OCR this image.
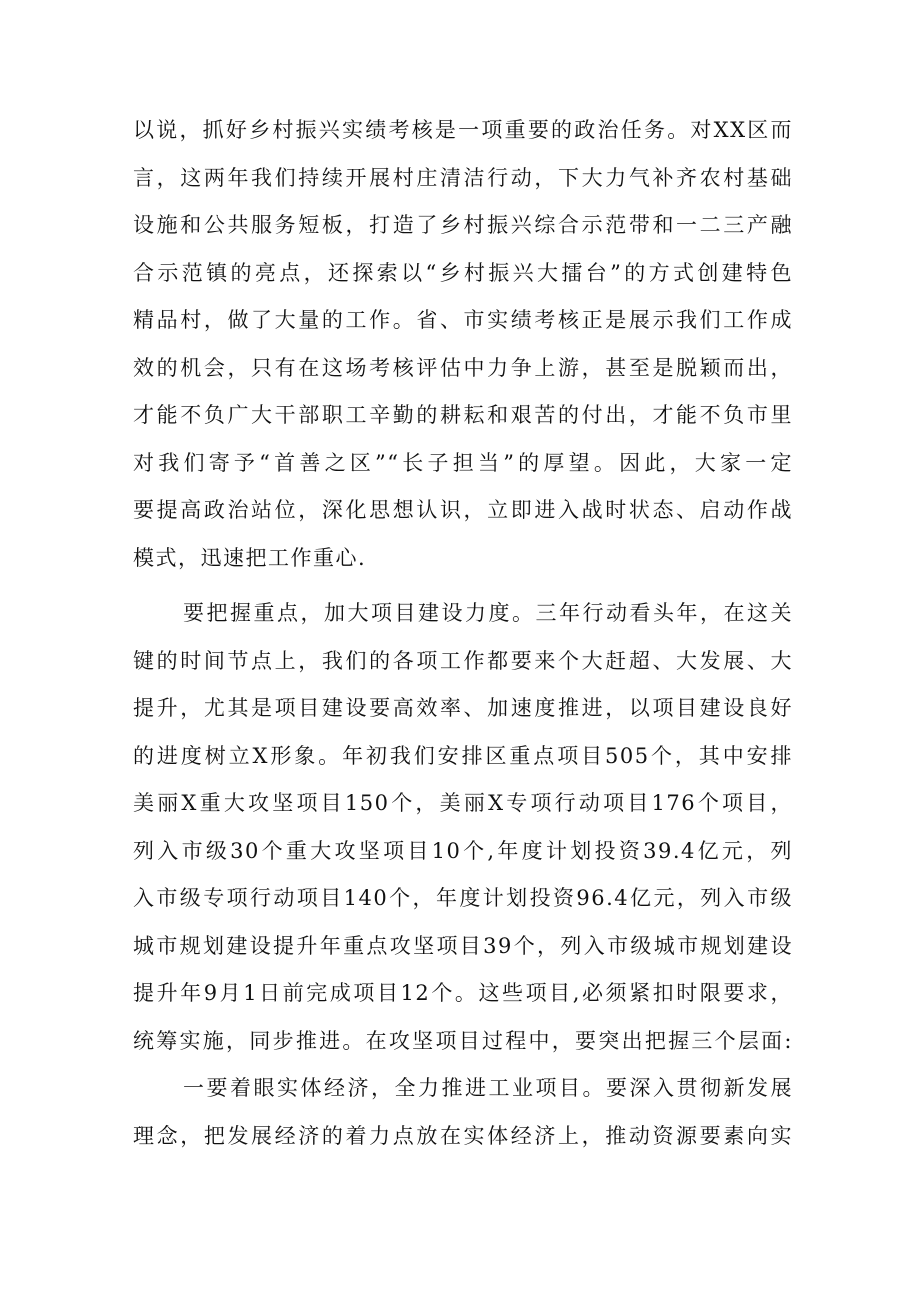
以说，抓好乡村振兴实绩考核是一项重要的政治任务。对XX区而
言，这两年我们持续开展村庄清洁行动，下大力气补齐农村基础
设施和公共服务短板，打造了乡村振兴综合示范带和一二三产融
合示范镇的亮点，还探索以“乡村振兴大擂台”的方式创建特色
精品村，做了大量的工作。省、市实绩考核正是展示我们工作成
效的机会，只有在这场考核评估中力争上游，甚至是脱颖而出，
才能不负广大干部职工辛勤的耕耘和艰苦的付出，才能不负市里
对我们寄予“首善之区”“长子担当”的厚望。因此，大家一定
要提高政治站位，深化思想认识，立即进入战时状态、启动作战
模式，迅速把工作重心.
要把握重点，加大项目建设力度。三年行动看头年，在这关
键的时间节点上，我们的各项工作都要来个大赶超、大发展、大
提升，尤其是项目建设要高效率、加速度推进，以项目建设良好
的进度树立X形象。年初我们安排区重点项目505个，其中安排
美丽X重大攻坚项目150个，美丽X专项行动项目176个项目，
列入市级30个重大攻坚项目10个,年度计划投资39.4亿元，列
入市级专项行动项目140个，年度计划投资96.4亿元，列入市级
城市规划建设提升年重点攻坚项目39个，列入市级城市规划建设
提升年9月1日前完成项目12个。这些项目,必须紧扣时限要求，
统筹实施，同步推进。在攻坚项目过程中，要突出把握三个层面:
一要着眼实体经济，全力推进工业项目。要深入贯彻新发展
理念，把发展经济的着力点放在实体经济上，推动资源要素向实
